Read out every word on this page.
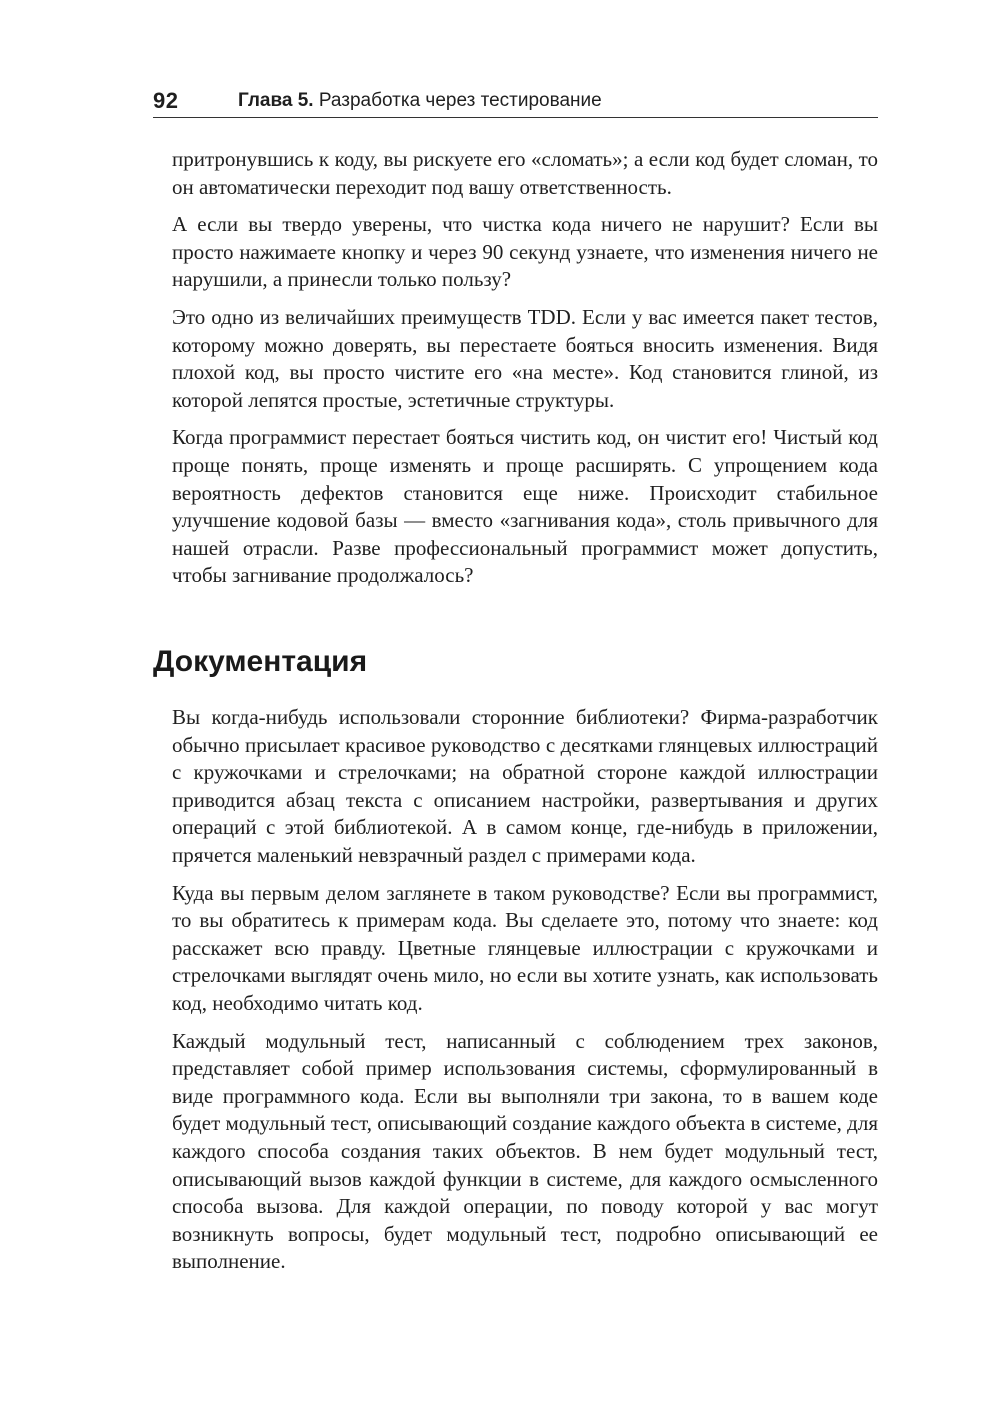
92	Глава 5. Разработка через тестирование

притронувшись к коду, вы рискуете его «сломать»; а если код будет сломан, то он автоматически переходит под вашу ответственность.

А если вы твердо уверены, что чистка кода ничего не нарушит? Если вы просто нажимаете кнопку и через 90 секунд узнаете, что изменения ничего не нарушили, а принесли только пользу?

Это одно из величайших преимуществ TDD. Если у вас имеется пакет тестов, которому можно доверять, вы перестаете бояться вносить изменения. Видя плохой код, вы просто чистите его «на месте». Код становится глиной, из которой лепятся простые, эстетичные структуры.

Когда программист перестает бояться чистить код, он чистит его! Чистый код проще понять, проще изменять и проще расширять. С упрощением кода вероятность дефектов становится еще ниже. Происходит стабильное улучшение кодовой базы — вместо «загнивания кода», столь привычного для нашей отрасли. Разве профессиональный программист может допустить, чтобы загнивание продолжалось?

Документация

Вы когда-нибудь использовали сторонние библиотеки? Фирма-разработчик обычно присылает красивое руководство с десятками глянцевых иллюстраций с кружочками и стрелочками; на обратной стороне каждой иллюстрации приводится абзац текста с описанием настройки, развертывания и других операций с этой библиотекой. А в самом конце, где-нибудь в приложении, прячется маленький невзрачный раздел с примерами кода.

Куда вы первым делом заглянете в таком руководстве? Если вы программист, то вы обратитесь к примерам кода. Вы сделаете это, потому что знаете: код расскажет всю правду. Цветные глянцевые иллюстрации с кружочками и стрелочками выглядят очень мило, но если вы хотите узнать, как использовать код, необходимо читать код.

Каждый модульный тест, написанный с соблюдением трех законов, представляет собой пример использования системы, сформулированный в виде программного кода. Если вы выполняли три закона, то в вашем коде будет модульный тест, описывающий создание каждого объекта в системе, для каждого способа создания таких объектов. В нем будет модульный тест, описывающий вызов каждой функции в системе, для каждого осмысленного способа вызова. Для каждой операции, по поводу которой у вас могут возникнуть вопросы, будет модульный тест, подробно описывающий ее выполнение.
